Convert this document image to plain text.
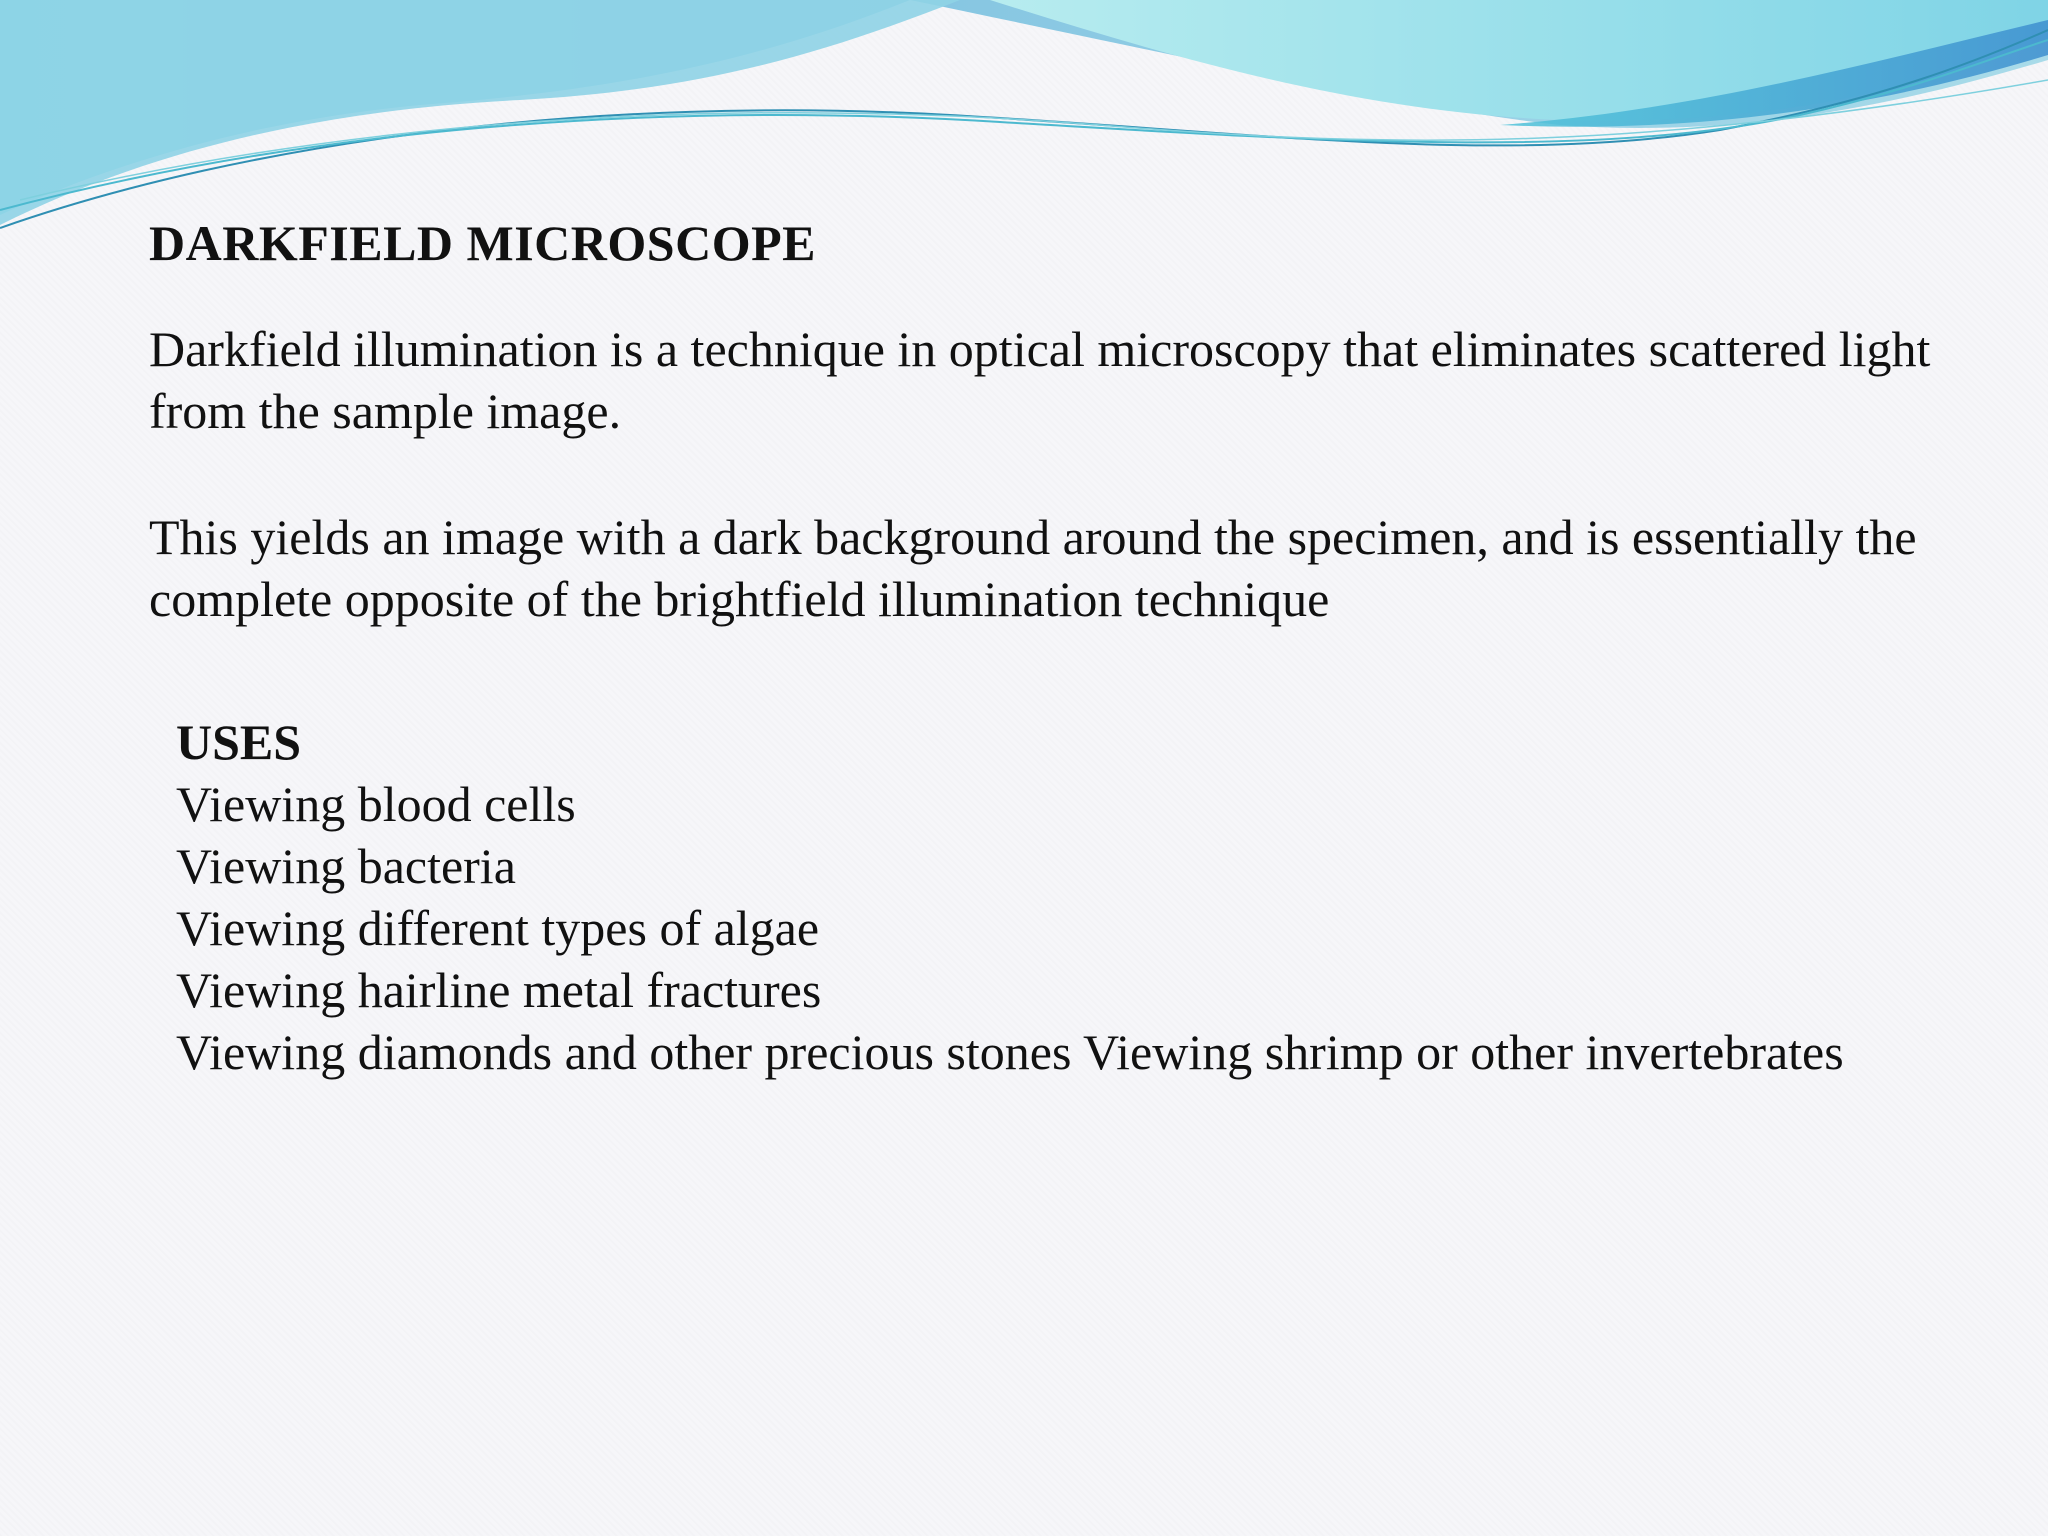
DARKFIELD MICROSCOPE
Darkfield illumination is a technique in optical microscopy that eliminates scattered light from the sample image.
This yields an image with a dark background around the specimen, and is essentially the complete opposite of the brightfield illumination technique
USES
Viewing blood cells
Viewing bacteria
Viewing different types of algae
Viewing hairline metal fractures
Viewing diamonds and other precious stones Viewing shrimp or other invertebrates
